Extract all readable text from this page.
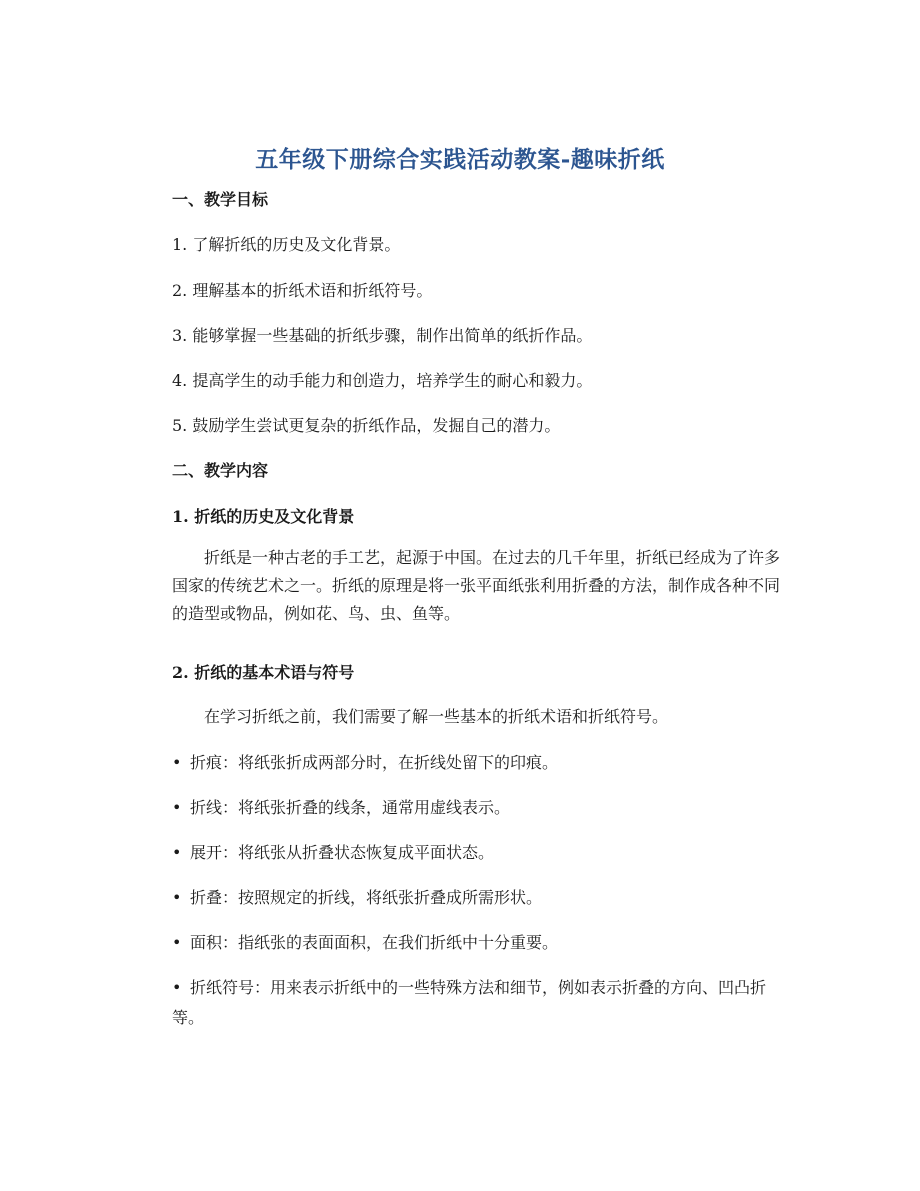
五年级下册综合实践活动教案-趣味折纸

一、教学目标

1. 了解折纸的历史及文化背景。

2. 理解基本的折纸术语和折纸符号。

3. 能够掌握一些基础的折纸步骤，制作出简单的纸折作品。

4. 提高学生的动手能力和创造力，培养学生的耐心和毅力。

5. 鼓励学生尝试更复杂的折纸作品，发掘自己的潜力。

二、教学内容

1. 折纸的历史及文化背景

折纸是一种古老的手工艺，起源于中国。在过去的几千年里，折纸已经成为了许多国家的传统艺术之一。折纸的原理是将一张平面纸张利用折叠的方法，制作成各种不同的造型或物品，例如花、鸟、虫、鱼等。

2. 折纸的基本术语与符号

在学习折纸之前，我们需要了解一些基本的折纸术语和折纸符号。

• 折痕：将纸张折成两部分时，在折线处留下的印痕。
• 折线：将纸张折叠的线条，通常用虚线表示。
• 展开：将纸张从折叠状态恢复成平面状态。
• 折叠：按照规定的折线，将纸张折叠成所需形状。
• 面积：指纸张的表面面积，在我们折纸中十分重要。
• 折纸符号：用来表示折纸中的一些特殊方法和细节，例如表示折叠的方向、凹凸折等。
